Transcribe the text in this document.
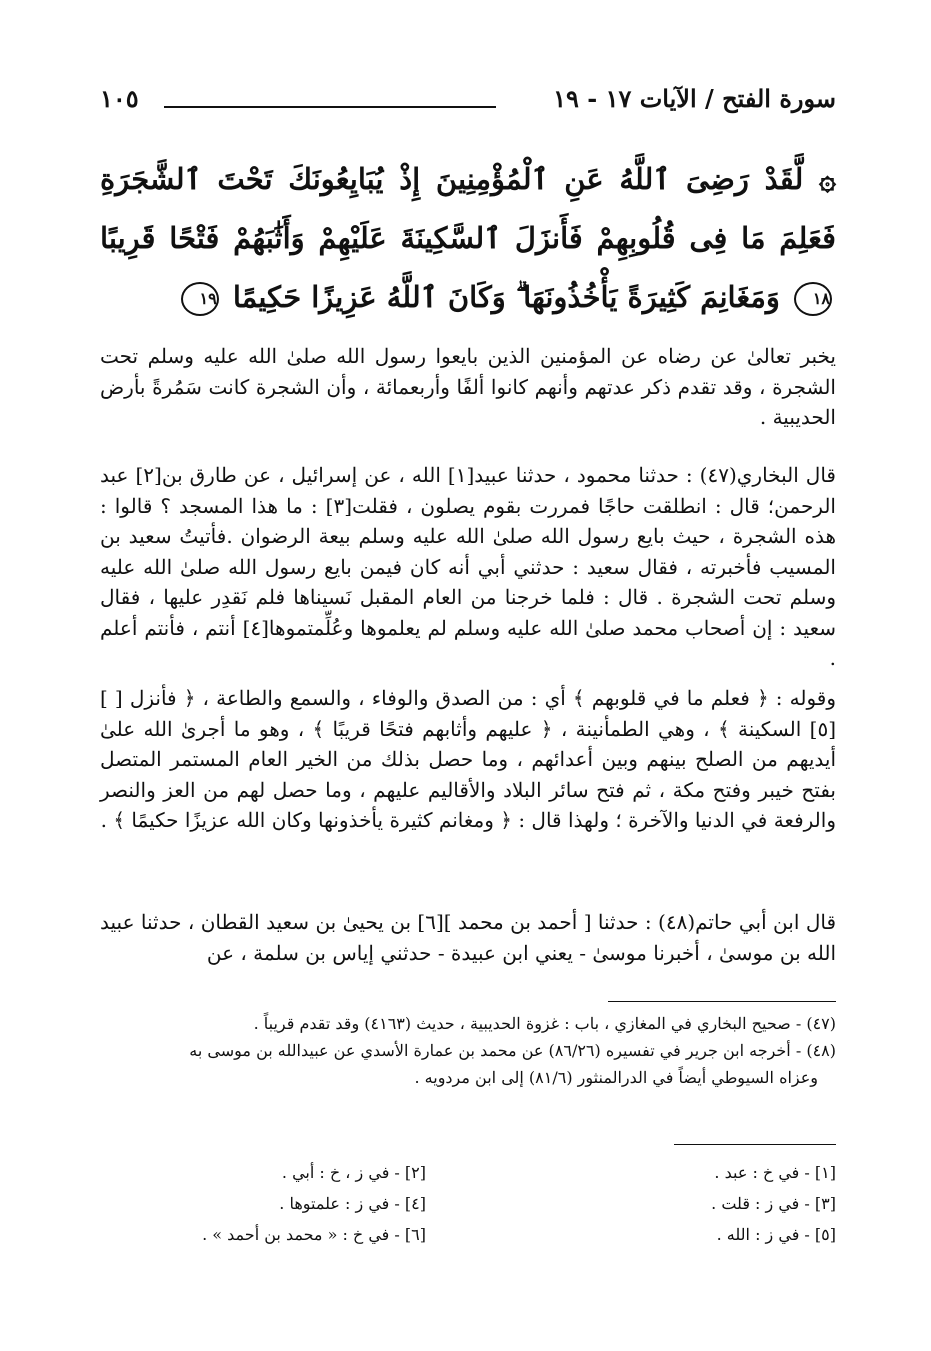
سورة الفتح / الآيات ١٧ - ١٩
١٠٥
۞ لَّقَدْ رَضِىَ ٱللَّهُ عَنِ ٱلْمُؤْمِنِينَ إِذْ يُبَايِعُونَكَ تَحْتَ ٱلشَّجَرَةِ فَعَلِمَ مَا فِى قُلُوبِهِمْ فَأَنزَلَ ٱلسَّكِينَةَ عَلَيْهِمْ وَأَثَٰبَهُمْ فَتْحًا قَرِيبًا ١٨ وَمَغَانِمَ كَثِيرَةً يَأْخُذُونَهَا ۗ وَكَانَ ٱللَّهُ عَزِيزًا حَكِيمًا ١٩
يخبر تعالىٰ عن رضاه عن المؤمنين الذين بايعوا رسول الله صلىٰ الله عليه وسلم تحت الشجرة ، وقد تقدم ذكر عدتهم وأنهم كانوا ألفًا وأربعمائة ، وأن الشجرة كانت سَمُرةً بأرض الحديبية .
قال البخاري(٤٧) : حدثنا محمود ، حدثنا عبيد[١] الله ، عن إسرائيل ، عن طارق بن[٢] عبد الرحمن؛ قال : انطلقت حاجًا فمررت بقوم يصلون ، فقلت[٣] : ما هذا المسجد ؟ قالوا : هذه الشجرة ، حيث بايع رسول الله صلىٰ الله عليه وسلم بيعة الرضوان .فأتيتُ سعيد بن المسيب فأخبرته ، فقال سعيد : حدثني أبي أنه كان فيمن بايع رسول الله صلىٰ الله عليه وسلم تحت الشجرة . قال : فلما خرجنا من العام المقبل نَسيناها فلم نَقدِر عليها ، فقال سعيد : إن أصحاب محمد صلىٰ الله عليه وسلم لم يعلموها وعُلِّمتموها[٤] أنتم ، فأنتم أعلم .
وقوله : ﴿ فعلم ما في قلوبهم ﴾ أي : من الصدق والوفاء ، والسمع والطاعة ، ﴿ فأنزل [ ][٥] السكينة ﴾ ، وهي الطمأنينة ، ﴿ عليهم وأثابهم فتحًا قريبًا ﴾ ، وهو ما أجرىٰ الله علىٰ أيديهم من الصلح بينهم وبين أعدائهم ، وما حصل بذلك من الخير العام المستمر المتصل بفتح خيبر وفتح مكة ، ثم فتح سائر البلاد والأقاليم عليهم ، وما حصل لهم من العز والنصر والرفعة في الدنيا والآخرة ؛ ولهذا قال : ﴿ ومغانم كثيرة يأخذونها وكان الله عزيزًا حكيمًا ﴾ .
قال ابن أبي حاتم(٤٨) : حدثنا [ أحمد بن محمد ][٦] بن يحيىٰ بن سعيد القطان ، حدثنا عبيد الله بن موسىٰ ، أخبرنا موسىٰ - يعني ابن عبيدة - حدثني إياس بن سلمة ، عن

(٤٧) - صحيح البخاري في المغازي ، باب : غزوة الحديبية ، حديث (٤١٦٣) وقد تقدم قريباً .

(٤٨) - أخرجه ابن جرير في تفسيره (٨٦/٢٦) عن محمد بن عمارة الأسدي عن عبيدالله بن موسى به

وعزاه السيوطي أيضاً في الدرالمنثور (٨١/٦) إلى ابن مردويه .

[١] - في خ : عبد .
[٢] - في ز ، خ : أبي .
[٣] - في ز : قلت .
[٤] - في ز : علمتوها .
[٥] - في ز : الله .
[٦] - في خ : « محمد بن أحمد » .
